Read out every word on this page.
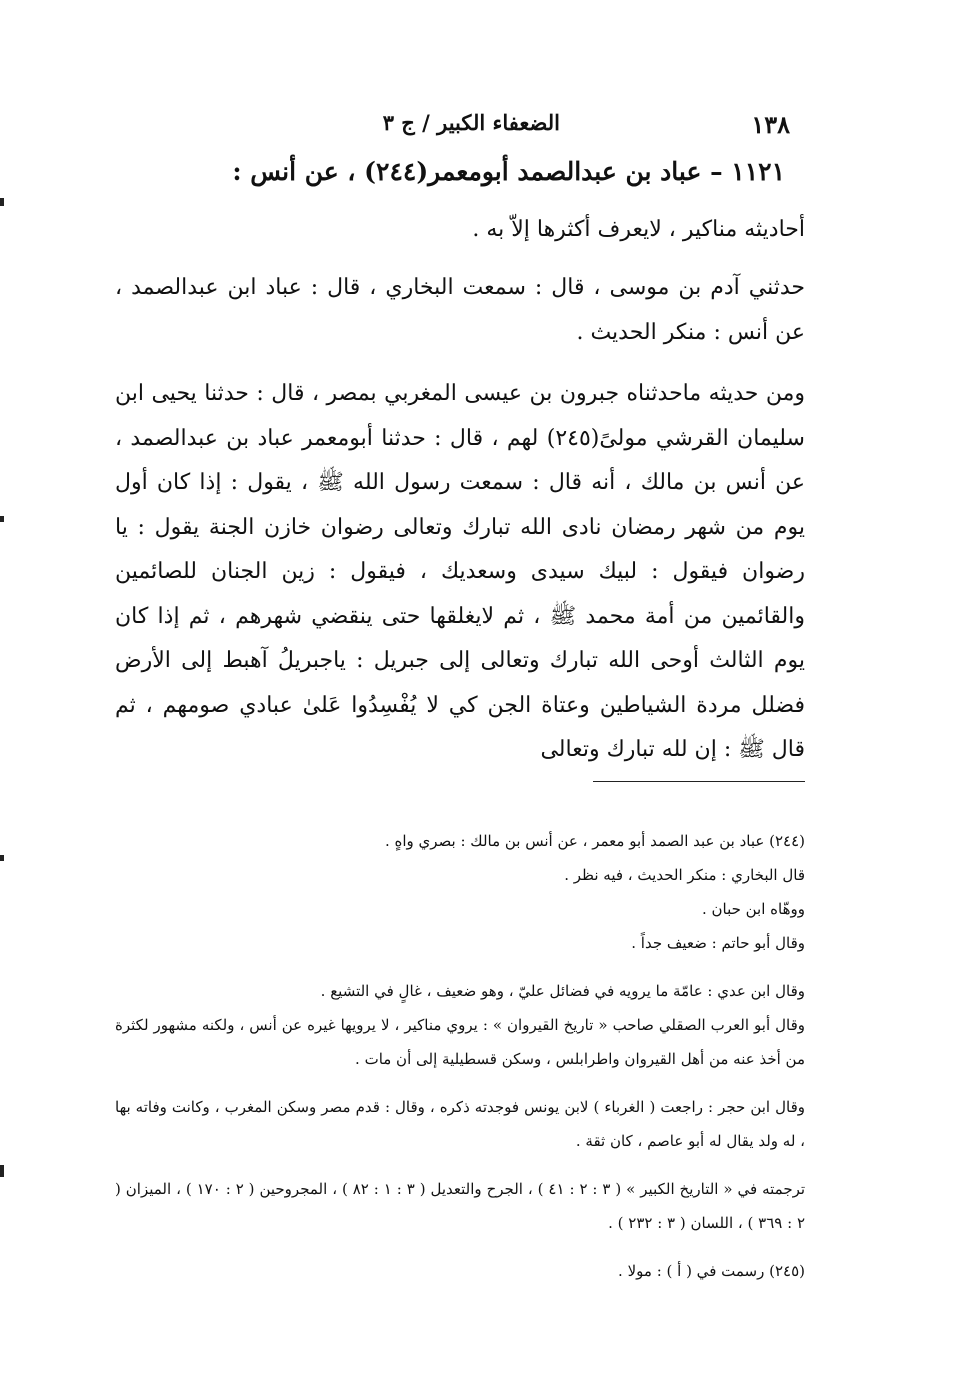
١٣٨
الضعفاء الكبير / ج ٣
١١٢١ – عباد بن عبدالصمد أبومعمر(٢٤٤) ، عن أنس :

أحاديثه مناكير ، لايعرف أكثرها إلاّ به .

حدثني آدم بن موسى ، قال : سمعت البخاري ، قال : عباد ابن عبدالصمد ، عن أنس : منكر الحديث .

ومن حديثه ماحدثناه جبرون بن عيسى المغربي بمصر ، قال : حدثنا يحيى ابن سليمان القرشي مولىً(٢٤٥) لهم ، قال : حدثنا أبومعمر عباد بن عبدالصمد ، عن أنس بن مالك ، أنه قال : سمعت رسول الله ﷺ ، يقول : إذا كان أول يوم من شهر رمضان نادى الله تبارك وتعالى رضوان خازن الجنة يقول : يا رضوان فيقول : لبيك سيدى وسعديك ، فيقول : زين الجنان للصائمين والقائمين من أمة محمد ﷺ ، ثم لايغلقها حتى ينقضي شهرهم ، ثم إذا كان يوم الثالث أوحى الله تبارك وتعالى إلى جبريل : ياجبريلُ آهبط إلى الأرض فضلل مردة الشياطين وعتاة الجن كي لا يُفْسِدُوا عَلىٰ عبادي صومهم ، ثم قال ﷺ : إن لله تبارك وتعالى

(٢٤٤) عباد بن عبد الصمد أبو معمر ، عن أنس بن مالك : بصري واهٍ .

قال البخاري : منكر الحديث ، فيه نظر .

ووهّاه ابن حبان .

وقال أبو حاتم : ضعيف جداً .

وقال ابن عدي : عامّة ما يرويه في فضائل عليّ ، وهو ضعيف ، غالٍ في التشيع .

وقال أبو العرب الصقلي صاحب « تاريخ القيروان » : يروي مناكير ، لا يرويها غيره عن أنس ، ولكنه مشهور لكثرة من أخذ عنه من أهل القيروان واطرابلس ، وسكن قسطيلية إلى أن مات .

وقال ابن حجر : راجعت ( الغرباء ) لابن يونس فوجدته ذكره ، وقال : قدم مصر وسكن المغرب ، وكانت وفاته بها ، له ولد يقال له أبو عاصم ، كان ثقة .

ترجمته في « التاريخ الكبير » ( ٣ : ٢ : ٤١ ) ، الجرح والتعديل ( ٣ : ١ : ٨٢ ) ، المجروحين ( ٢ : ١٧٠ ) ، الميزان ( ٢ : ٣٦٩ ) ، اللسان ( ٣ : ٢٣٢ ) .

(٢٤٥) رسمت في ( أ ) : مولا .
